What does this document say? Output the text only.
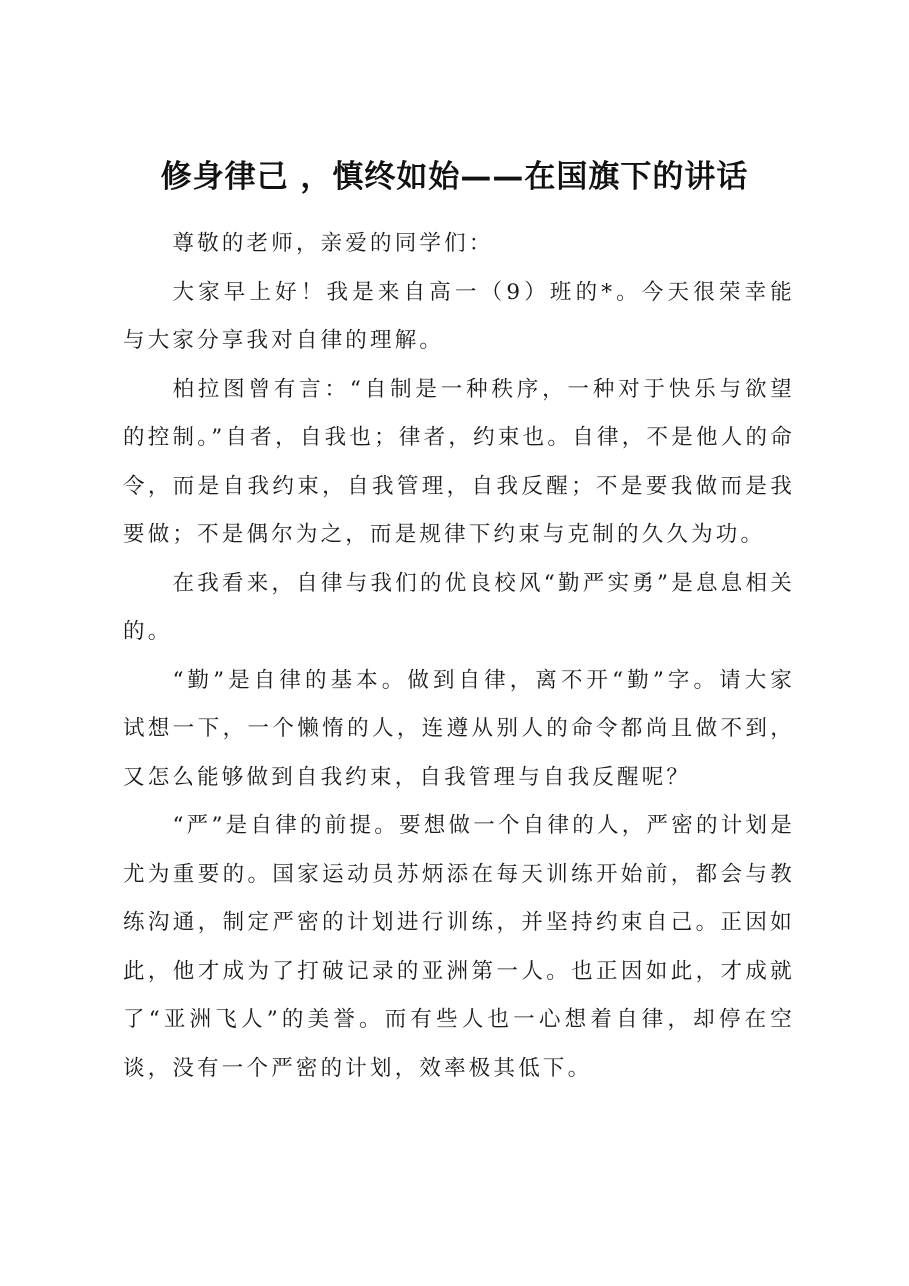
修身律己 ，慎终如始——在国旗下的讲话

尊敬的老师，亲爱的同学们：

大家早上好！我是来自高一（9）班的*。今天很荣幸能与大家分享我对自律的理解。

柏拉图曾有言：“自制是一种秩序，一种对于快乐与欲望的控制。”自者，自我也；律者，约束也。自律，不是他人的命令，而是自我约束，自我管理，自我反醒；不是要我做而是我要做；不是偶尔为之，而是规律下约束与克制的久久为功。

在我看来，自律与我们的优良校风“勤严实勇”是息息相关的。

“勤”是自律的基本。做到自律，离不开“勤”字。请大家试想一下，一个懒惰的人，连遵从别人的命令都尚且做不到，又怎么能够做到自我约束，自我管理与自我反醒呢？

“严”是自律的前提。要想做一个自律的人，严密的计划是尤为重要的。国家运动员苏炳添在每天训练开始前，都会与教练沟通，制定严密的计划进行训练，并坚持约束自己。正因如此，他才成为了打破记录的亚洲第一人。也正因如此，才成就了“亚洲飞人”的美誉。而有些人也一心想着自律，却停在空谈，没有一个严密的计划，效率极其低下。
